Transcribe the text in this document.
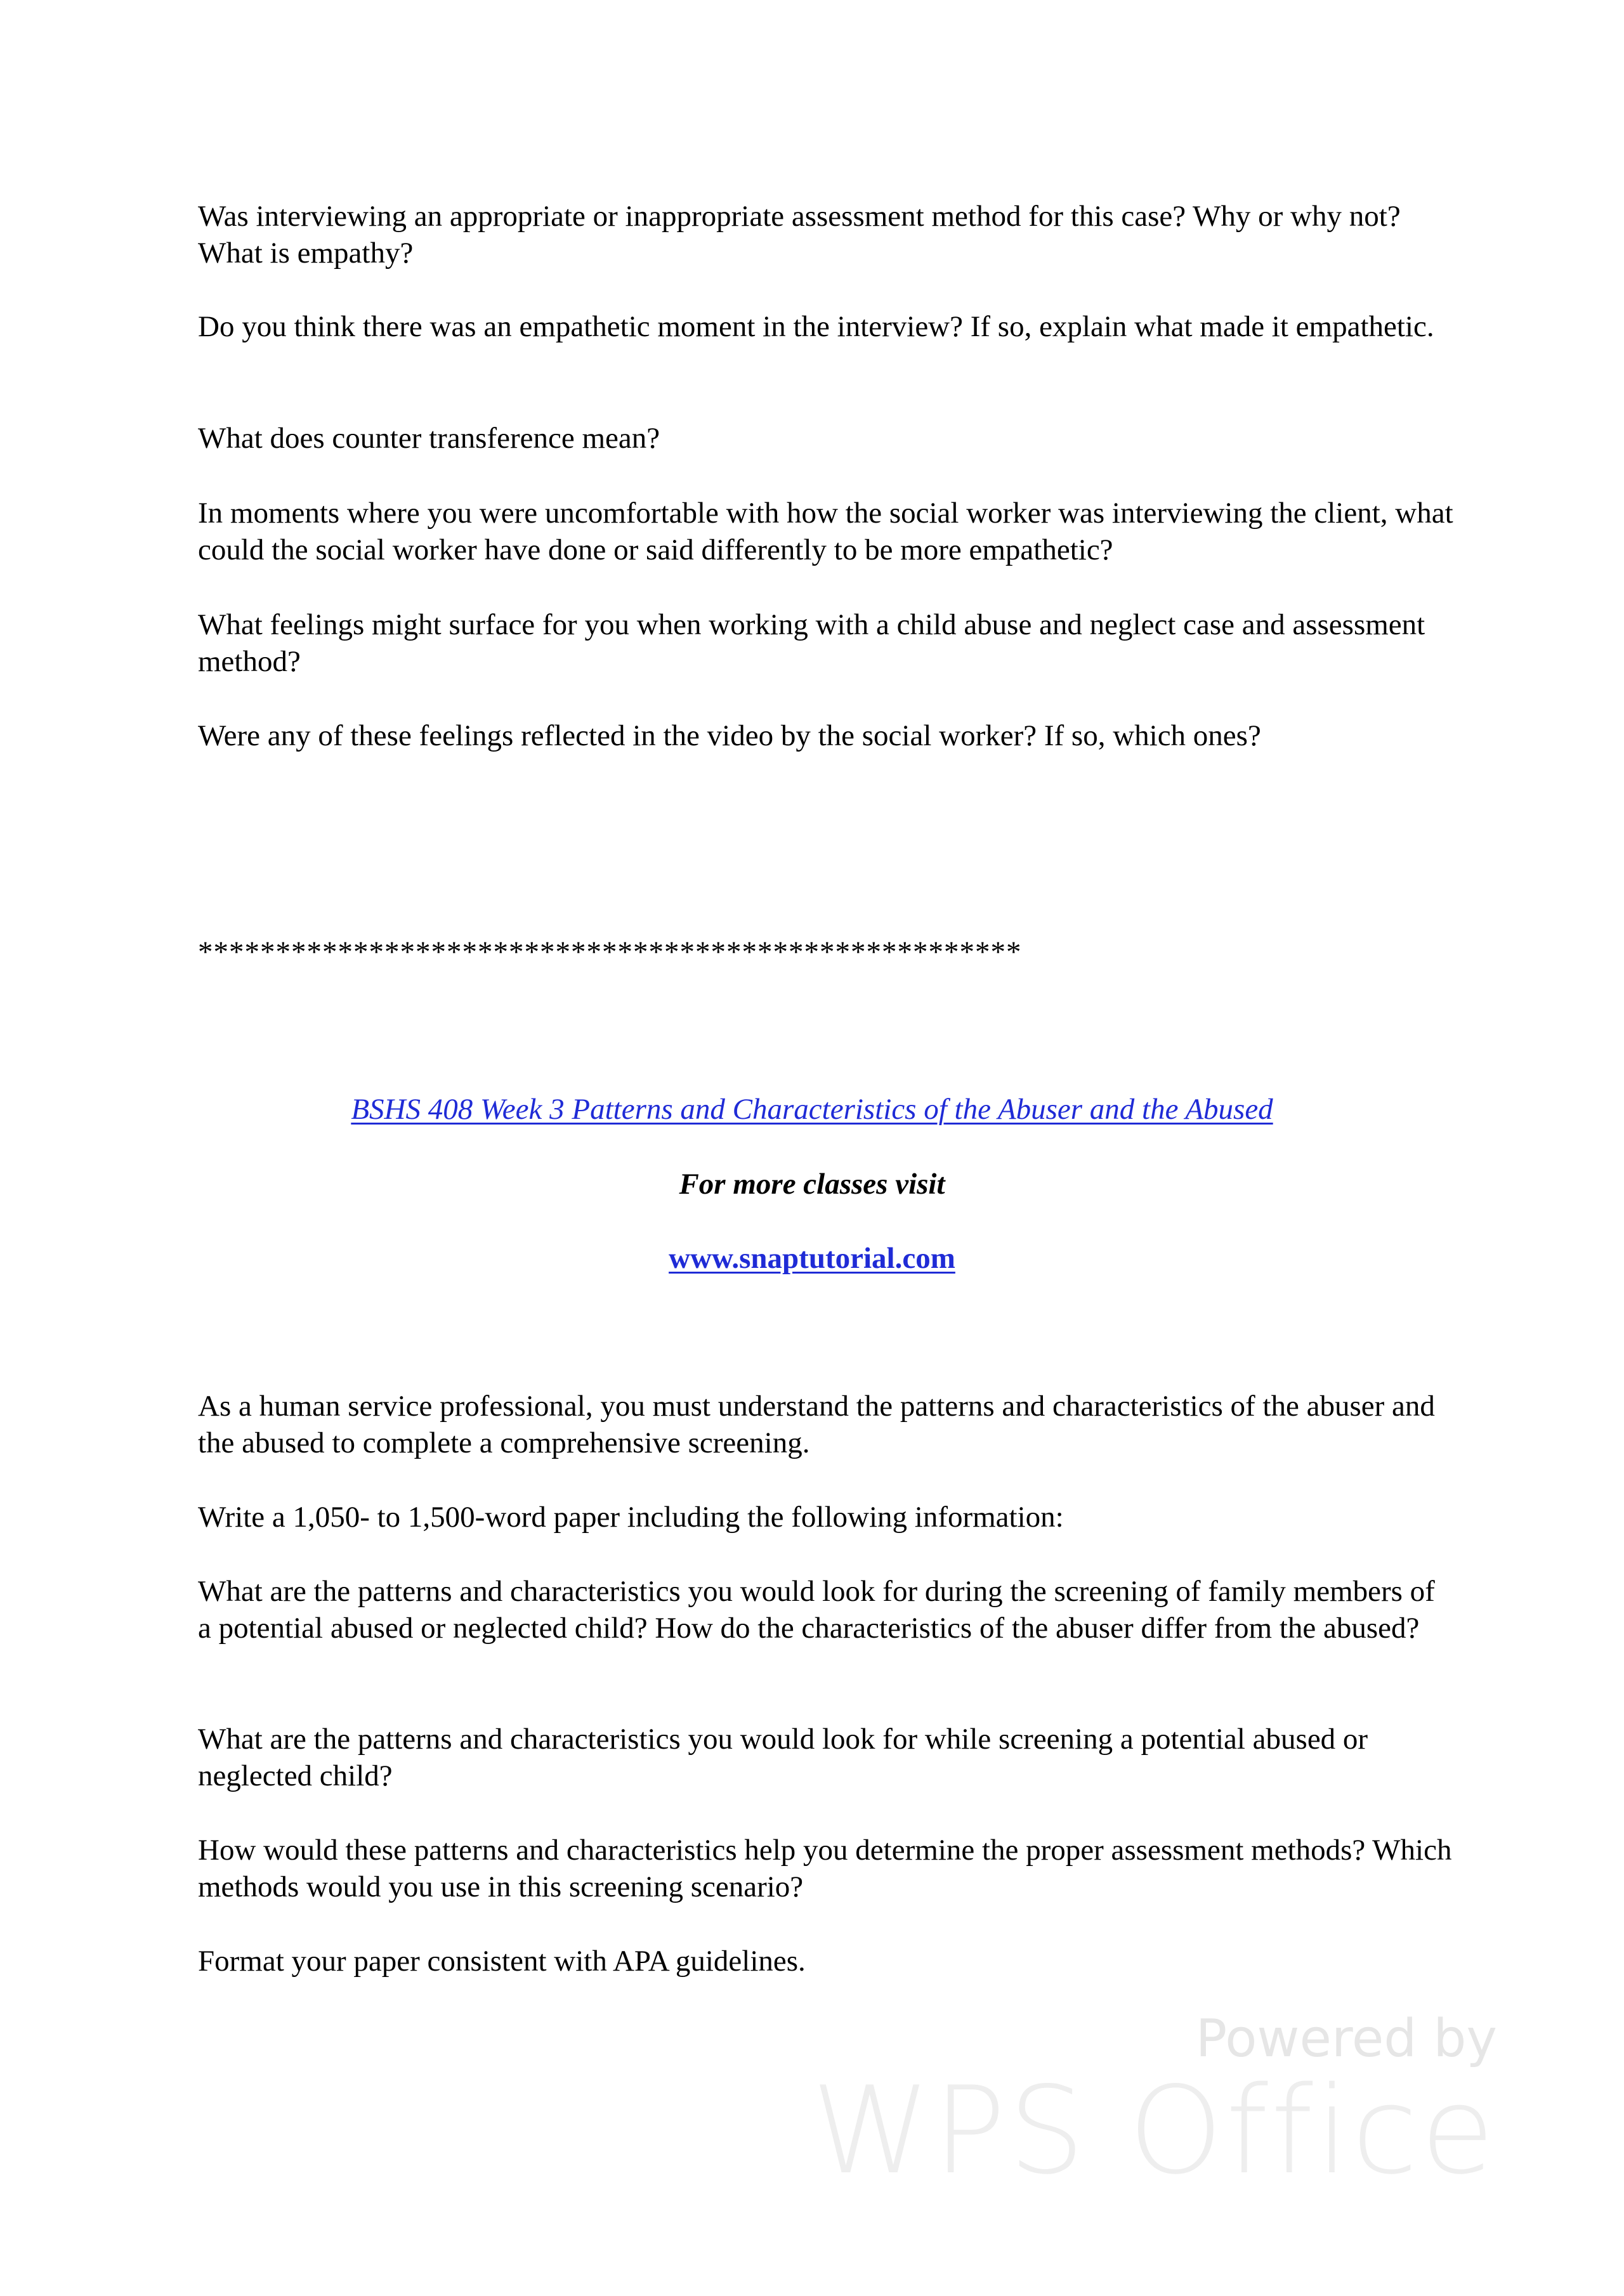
Was interviewing an appropriate or inappropriate assessment method for this case? Why or why not? What is empathy?

Do you think there was an empathetic moment in the interview? If so, explain what made it empathetic.

What does counter transference mean?

In moments where you were uncomfortable with how the social worker was interviewing the client, what could the social worker have done or said differently to be more empathetic?

What feelings might surface for you when working with a child abuse and neglect case and assessment method?

Were any of these feelings reflected in the video by the social worker? If so, which ones?

*****************************************************

BSHS 408 Week 3 Patterns and Characteristics of the Abuser and the Abused

For more classes visit

www.snaptutorial.com

As a human service professional, you must understand the patterns and characteristics of the abuser and the abused to complete a comprehensive screening.

Write a 1,050- to 1,500-word paper including the following information:

What are the patterns and characteristics you would look for during the screening of family members of a potential abused or neglected child? How do the characteristics of the abuser differ from the abused?

What are the patterns and characteristics you would look for while screening a potential abused or neglected child?

How would these patterns and characteristics help you determine the proper assessment methods? Which methods would you use in this screening scenario?

Format your paper consistent with APA guidelines.

Powered by
WPS Office
